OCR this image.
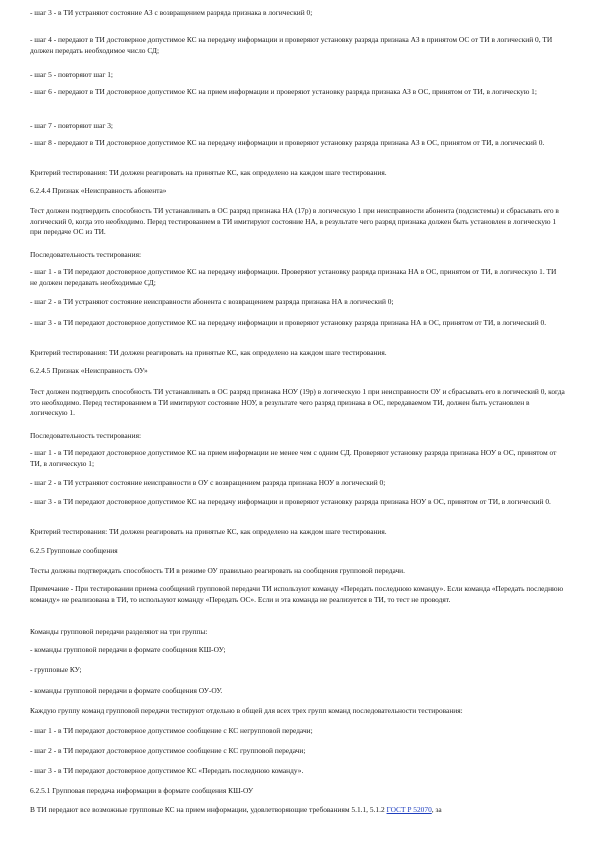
- шаг 3 - в ТИ устраняют состояние АЗ с возвращением разряда признака в логический 0;

- шаг 4 - передают в ТИ достоверное допустимое КС на передачу информации и проверяют установку разряда признака АЗ в принятом ОС от ТИ в логический 0, ТИ должен передать необходимое число СД;

- шаг 5 - повторяют шаг 1;

- шаг 6 - передают в ТИ достоверное допустимое КС на прием информации и проверяют установку разряда признака АЗ в ОС, принятом от ТИ, в логическую 1;

- шаг 7 - повторяют шаг 3;

- шаг 8 - передают в ТИ достоверное допустимое КС на передачу информации и проверяют установку разряда признака АЗ в ОС, принятом от ТИ, в логический 0.

Критерий тестирования: ТИ должен реагировать на принятые КС, как определено на каждом шаге тестирования.

6.2.4.4 Признак «Неисправность абонента»

Тест должен подтвердить способность ТИ устанавливать в ОС разряд признака НА (17р) в логическую 1 при неисправности абонента (подсистемы) и сбрасывать его в логический 0, когда это необходимо. Перед тестированием в ТИ имитируют состояние НА, в результате чего разряд признака должен быть установлен в логическую 1 при передаче ОС из ТИ.

Последовательность тестирования:

- шаг 1 - в ТИ передают достоверное допустимое КС на передачу информации. Проверяют установку разряда признака НА в ОС, принятом от ТИ, в логическую 1. ТИ не должен передавать необходимые СД;

- шаг 2 - в ТИ устраняют состояние неисправности абонента с возвращением разряда признака НА в логический 0;

- шаг 3 - в ТИ передают достоверное допустимое КС на передачу информации и проверяют установку разряда признака НА в ОС, принятом от ТИ, в логический 0.

Критерий тестирования: ТИ должен реагировать на принятые КС, как определено на каждом шаге тестирования.

6.2.4.5 Признак «Неисправность ОУ»

Тест должен подтвердить способность ТИ устанавливать в ОС разряд признака НОУ (19р) в логическую 1 при неисправности ОУ и сбрасывать его в логический 0, когда это необходимо. Перед тестированием в ТИ имитируют состояние НОУ, в результате чего разряд признака в ОС, передаваемом ТИ, должен быть установлен в логическую 1.

Последовательность тестирования:

- шаг 1 - в ТИ передают достоверное допустимое КС на прием информации не менее чем с одним СД. Проверяют установку разряда признака НОУ в ОС, принятом от ТИ, в логическую 1;

- шаг 2 - в ТИ устраняют состояние неисправности в ОУ с возвращением разряда признака НОУ в логический 0;

- шаг 3 - в ТИ передают достоверное допустимое КС на передачу информации и проверяют установку разряда признака НОУ в ОС, принятом от ТИ, в логический 0.

Критерий тестирования: ТИ должен реагировать на принятые КС, как определено на каждом шаге тестирования.

6.2.5 Групповые сообщения

Тесты должны подтверждать способность ТИ в режиме ОУ правильно реагировать на сообщения групповой передачи.

Примечание - При тестировании приема сообщений групповой передачи ТИ используют команду «Передать последнюю команду». Если команда «Передать последнюю команду» не реализована в ТИ, то используют команду «Передать ОС». Если и эта команда не реализуется в ТИ, то тест не проводят.

Команды групповой передачи разделяют на три группы:

- команды групповой передачи в формате сообщения КШ-ОУ;

- групповые КУ;

- команды групповой передачи в формате сообщения ОУ-ОУ.

Каждую группу команд групповой передачи тестируют отдельно в общей для всех трех групп команд последовательности тестирования:

- шаг 1 - в ТИ передают достоверное допустимое сообщение с КС негрупповой передачи;

- шаг 2 - в ТИ передают достоверное допустимое сообщение с КС групповой передачи;

- шаг 3 - в ТИ передают достоверное допустимое КС «Передать последнюю команду».

6.2.5.1 Групповая передача информации в формате сообщения КШ-ОУ

В ТИ передают все возможные групповые КС на прием информации, удовлетворяющие требованиям 5.1.1, 5.1.2 ГОСТ Р 52070, за
